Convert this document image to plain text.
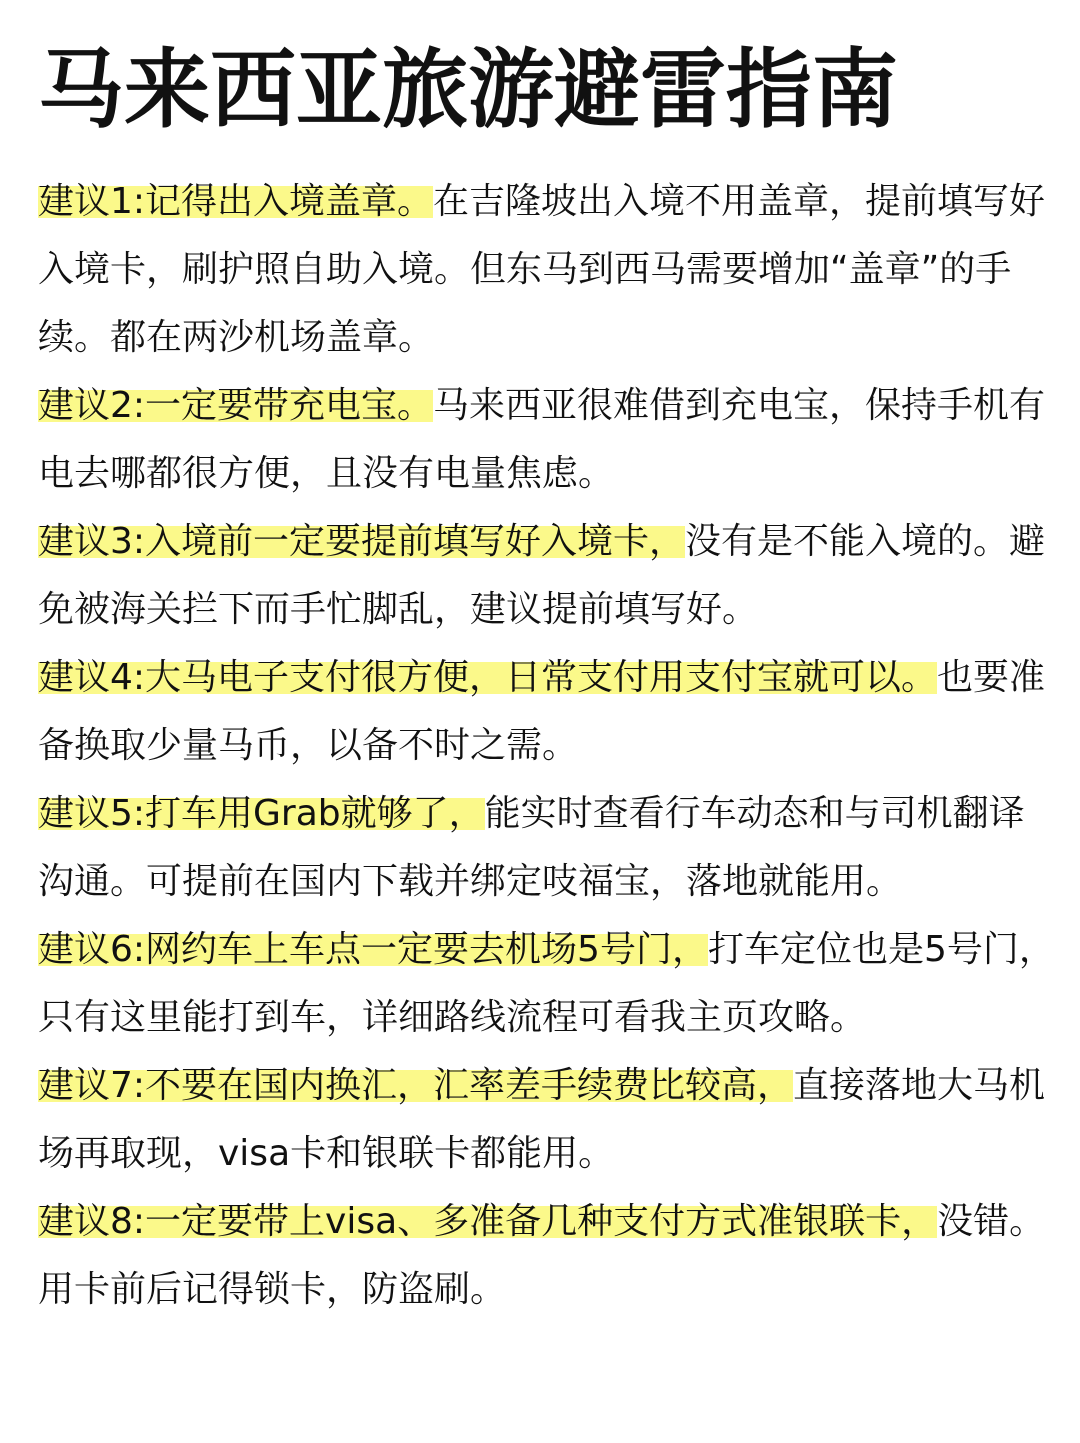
马来西亚旅游避雷指南
建议1:记得出入境盖章。在吉隆坡出入境不用盖章，提前填写好入境卡，刷护照自助入境。但东马到西马需要增加“盖章”的手续。都在两沙机场盖章。
建议2:一定要带充电宝。马来西亚很难借到充电宝，保持手机有电去哪都很方便，且没有电量焦虑。
建议3:入境前一定要提前填写好入境卡，没有是不能入境的。避免被海关拦下而手忙脚乱，建议提前填写好。
建议4:大马电子支付很方便，日常支付用支付宝就可以。也要准备换取少量马币，以备不时之需。
建议5:打车用Grab就够了，能实时查看行车动态和与司机翻译沟通。可提前在国内下载并绑定吱福宝，落地就能用。
建议6:网约车上车点一定要去机场5号门，打车定位也是5号门，只有这里能打到车，详细路线流程可看我主页攻略。
建议7:不要在国内换汇，汇率差手续费比较高，直接落地大马机场再取现，visa卡和银联卡都能用。
建议8:一定要带上visa、多准备几种支付方式准银联卡，没错。用卡前后记得锁卡，防盗刷。
